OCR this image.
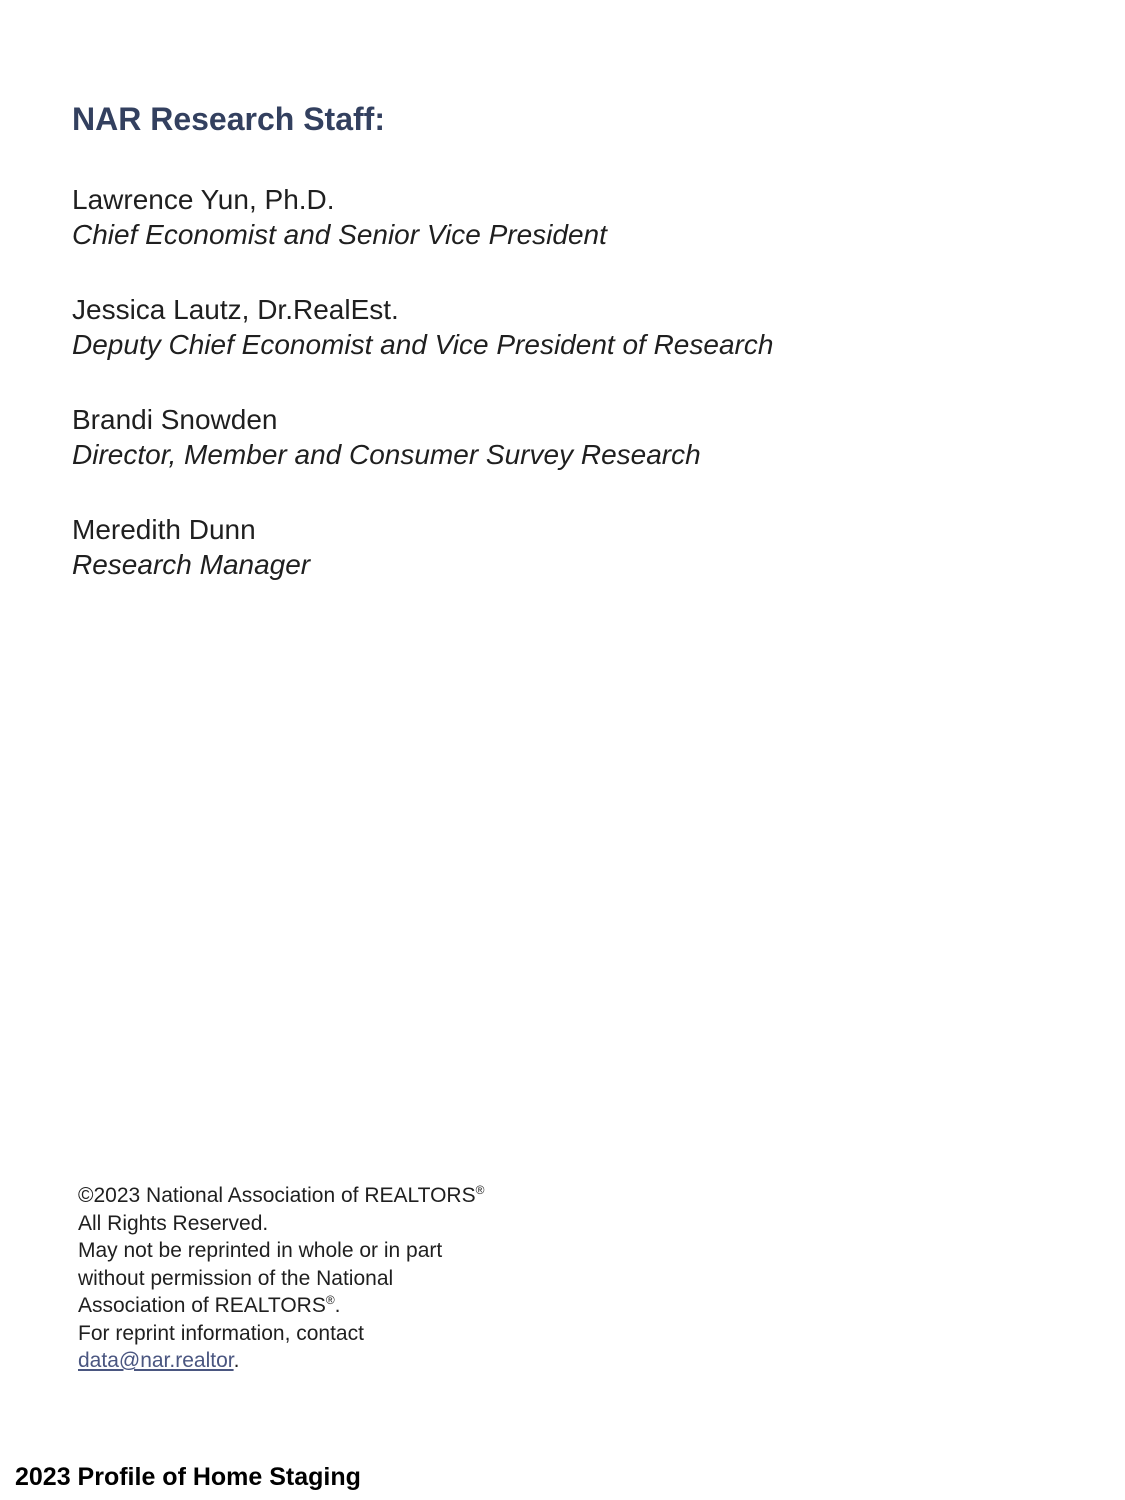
NAR Research Staff:
Lawrence Yun, Ph.D.
Chief Economist and Senior Vice President
Jessica Lautz, Dr.RealEst.
Deputy Chief Economist and Vice President of Research
Brandi Snowden
Director, Member and Consumer Survey Research
Meredith Dunn
Research Manager
©2023 National Association of REALTORS®
All Rights Reserved.
May not be reprinted in whole or in part
without permission of the National
Association of REALTORS®.
For reprint information, contact
data@nar.realtor.
2023 Profile of Home Staging
